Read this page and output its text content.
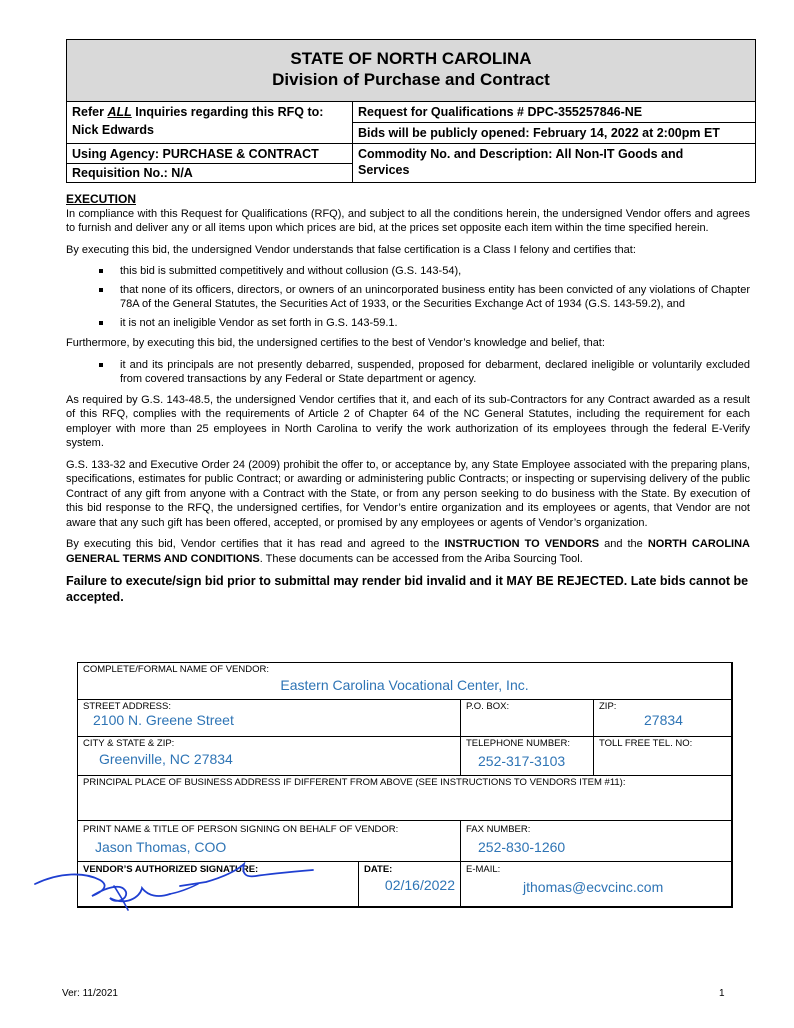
STATE OF NORTH CAROLINA
Division of Purchase and Contract
Refer ALL Inquiries regarding this RFQ to:
Nick Edwards
Request for Qualifications # DPC-355257846-NE
Bids will be publicly opened: February 14, 2022 at 2:00pm ET
Using Agency: PURCHASE & CONTRACT
Requisition No.: N/A
Commodity No. and Description: All Non-IT Goods and Services
EXECUTION

In compliance with this Request for Qualifications (RFQ), and subject to all the conditions herein, the undersigned Vendor offers and agrees to furnish and deliver any or all items upon which prices are bid, at the prices set opposite each item within the time specified herein.

By executing this bid, the undersigned Vendor understands that false certification is a Class I felony and certifies that:

this bid is submitted competitively and without collusion (G.S. 143-54),
that none of its officers, directors, or owners of an unincorporated business entity has been convicted of any violations of Chapter 78A of the General Statutes, the Securities Act of 1933, or the Securities Exchange Act of 1934 (G.S. 143-59.2), and
it is not an ineligible Vendor as set forth in G.S. 143-59.1.

Furthermore, by executing this bid, the undersigned certifies to the best of Vendor’s knowledge and belief, that:

it and its principals are not presently debarred, suspended, proposed for debarment, declared ineligible or voluntarily excluded from covered transactions by any Federal or State department or agency.

As required by G.S. 143-48.5, the undersigned Vendor certifies that it, and each of its sub-Contractors for any Contract awarded as a result of this RFQ, complies with the requirements of Article 2 of Chapter 64 of the NC General Statutes, including the requirement for each employer with more than 25 employees in North Carolina to verify the work authorization of its employees through the federal E-Verify system.

G.S. 133-32 and Executive Order 24 (2009) prohibit the offer to, or acceptance by, any State Employee associated with the preparing plans, specifications, estimates for public Contract; or awarding or administering public Contracts; or inspecting or supervising delivery of the public Contract of any gift from anyone with a Contract with the State, or from any person seeking to do business with the State. By execution of this bid response to the RFQ, the undersigned certifies, for Vendor’s entire organization and its employees or agents, that Vendor are not aware that any such gift has been offered, accepted, or promised by any employees or agents of Vendor’s organization.

By executing this bid, Vendor certifies that it has read and agreed to the INSTRUCTION TO VENDORS and the NORTH CAROLINA GENERAL TERMS AND CONDITIONS. These documents can be accessed from the Ariba Sourcing Tool.

Failure to execute/sign bid prior to submittal may render bid invalid and it MAY BE REJECTED. Late bids cannot be accepted.

COMPLETE/FORMAL NAME OF VENDOR:
Eastern Carolina Vocational Center, Inc.
STREET ADDRESS:
2100 N. Greene Street
P.O. BOX:	ZIP:
27834
CITY & STATE & ZIP:
Greenville, NC 27834
TELEPHONE NUMBER:
252-317-3103
TOLL FREE TEL. NO:
PRINCIPAL PLACE OF BUSINESS ADDRESS IF DIFFERENT FROM ABOVE (SEE INSTRUCTIONS TO VENDORS ITEM #11):
PRINT NAME & TITLE OF PERSON SIGNING ON BEHALF OF VENDOR:
Jason Thomas, COO
FAX NUMBER:
252-830-1260
VENDOR’S AUTHORIZED SIGNATURE:	DATE:
02/16/2022
E-MAIL:
jthomas@ecvcinc.com
Ver: 11/2021	1
